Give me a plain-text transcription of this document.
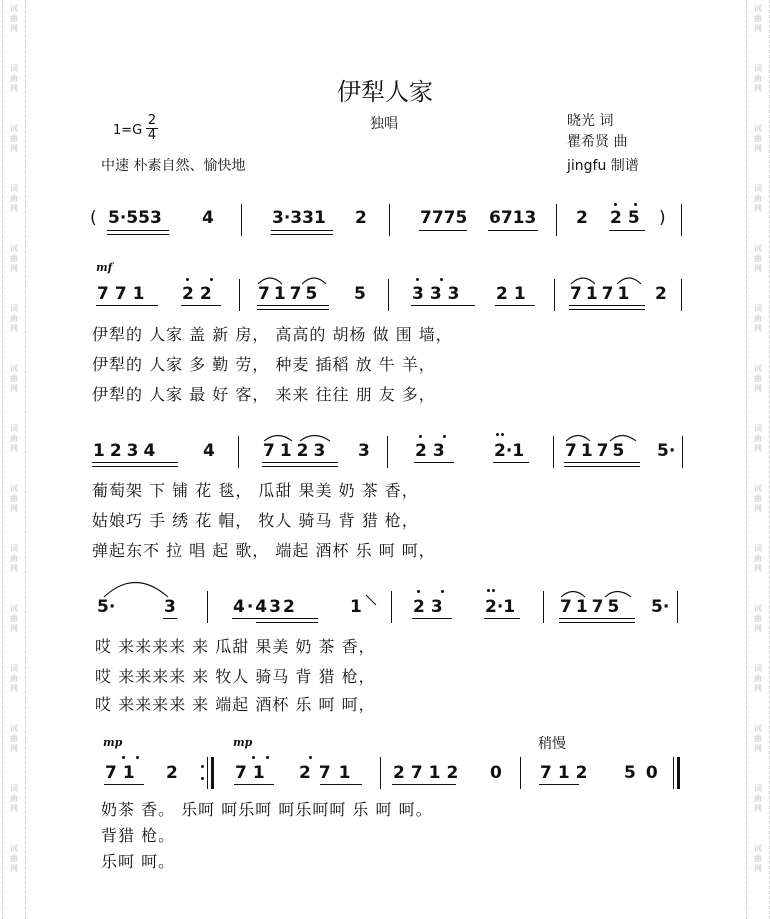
词
曲
网
词
曲
网
词
曲
网
词
曲
网
词
曲
网
词
曲
网
词
曲
网
词
曲
网
词
曲
网
词
曲
网
词
曲
网
词
曲
网
词
曲
网
词
曲
网
词
曲
网
词
曲
网
词
曲
网
词
曲
网
词
曲
网
词
曲
网
词
曲
网
词
曲
网
词
曲
网
词
曲
网
词
曲
网
词
曲
网
词
曲
网
词
曲
网
词
曲
网
词
曲
网
伊犁人家
独唱
$1=G \frac{2}{4}$
中速 朴素自然、愉快地
晓光 词
瞿希贤 曲
jingfu 制谱
( 5·553 4	3·331 2	7775 6713 2 25 )
mf
771 22 7175 5	333 21 7171 2
伊犁的 人家 盖 新 房， 高高的 胡杨 做 围 墙，
伊犁的 人家 多 勤 劳， 种麦 插稻 放 牛 羊，
伊犁的 人家 最 好 客， 来来 往往 朋 友 多，
1234	4	7123 3	23	2·1 7175 5·
葡萄架 下 铺 花 毯， 瓜甜 果美 奶 茶 香，
姑娘巧 手 绣 花 帽， 牧人 骑马 背 猎 枪，
弹起东不 拉 唱 起 歌， 端起 酒杯 乐 呵 呵，
5·	3	4·432	1	23 2·1	7175 5·
哎 来来来来 来 瓜甜 果美 奶 茶 香，
哎 来来来来 来 牧人 骑马 背 猎 枪，
哎 来来来来 来 端起 酒杯 乐 呵 呵，
mp	mp	稍慢
71 2	71 271 2712 0 712 50
奶茶 香。 乐呵 呵乐呵 呵乐呵呵 乐 呵 呵。
背猎 枪。
乐呵 呵。
